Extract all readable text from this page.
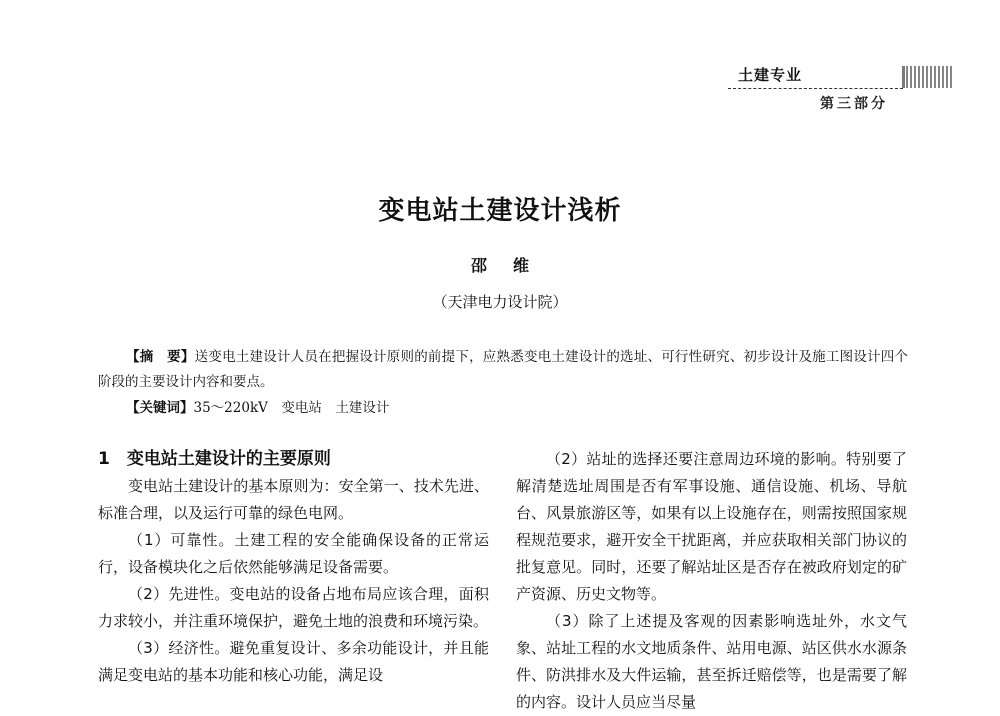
土建专业
第三部分
变电站土建设计浅析
邵维
（天津电力设计院）

【摘　要】送变电土建设计人员在把握设计原则的前提下，应熟悉变电土建设计的选址、可行性研究、初步设计及施工图设计四个阶段的主要设计内容和要点。

【关键词】35～220kV　变电站　土建设计
1　变电站土建设计的主要原则

变电站土建设计的基本原则为：安全第一、技术先进、标准合理，以及运行可靠的绿色电网。

（1）可靠性。土建工程的安全能确保设备的正常运行，设备模块化之后依然能够满足设备需要。

（2）先进性。变电站的设备占地布局应该合理，面积力求较小，并注重环境保护，避免土地的浪费和环境污染。

（3）经济性。避免重复设计、多余功能设计，并且能满足变电站的基本功能和核心功能，满足设

（2）站址的选择还要注意周边环境的影响。特别要了解清楚选址周围是否有军事设施、通信设施、机场、导航台、风景旅游区等，如果有以上设施存在，则需按照国家规程规范要求，避开安全干扰距离，并应获取相关部门协议的批复意见。同时，还要了解站址区是否存在被政府划定的矿产资源、历史文物等。

（3）除了上述提及客观的因素影响选址外，水文气象、站址工程的水文地质条件、站用电源、站区供水水源条件、防洪排水及大件运输，甚至拆迁赔偿等，也是需要了解的内容。设计人员应当尽量
